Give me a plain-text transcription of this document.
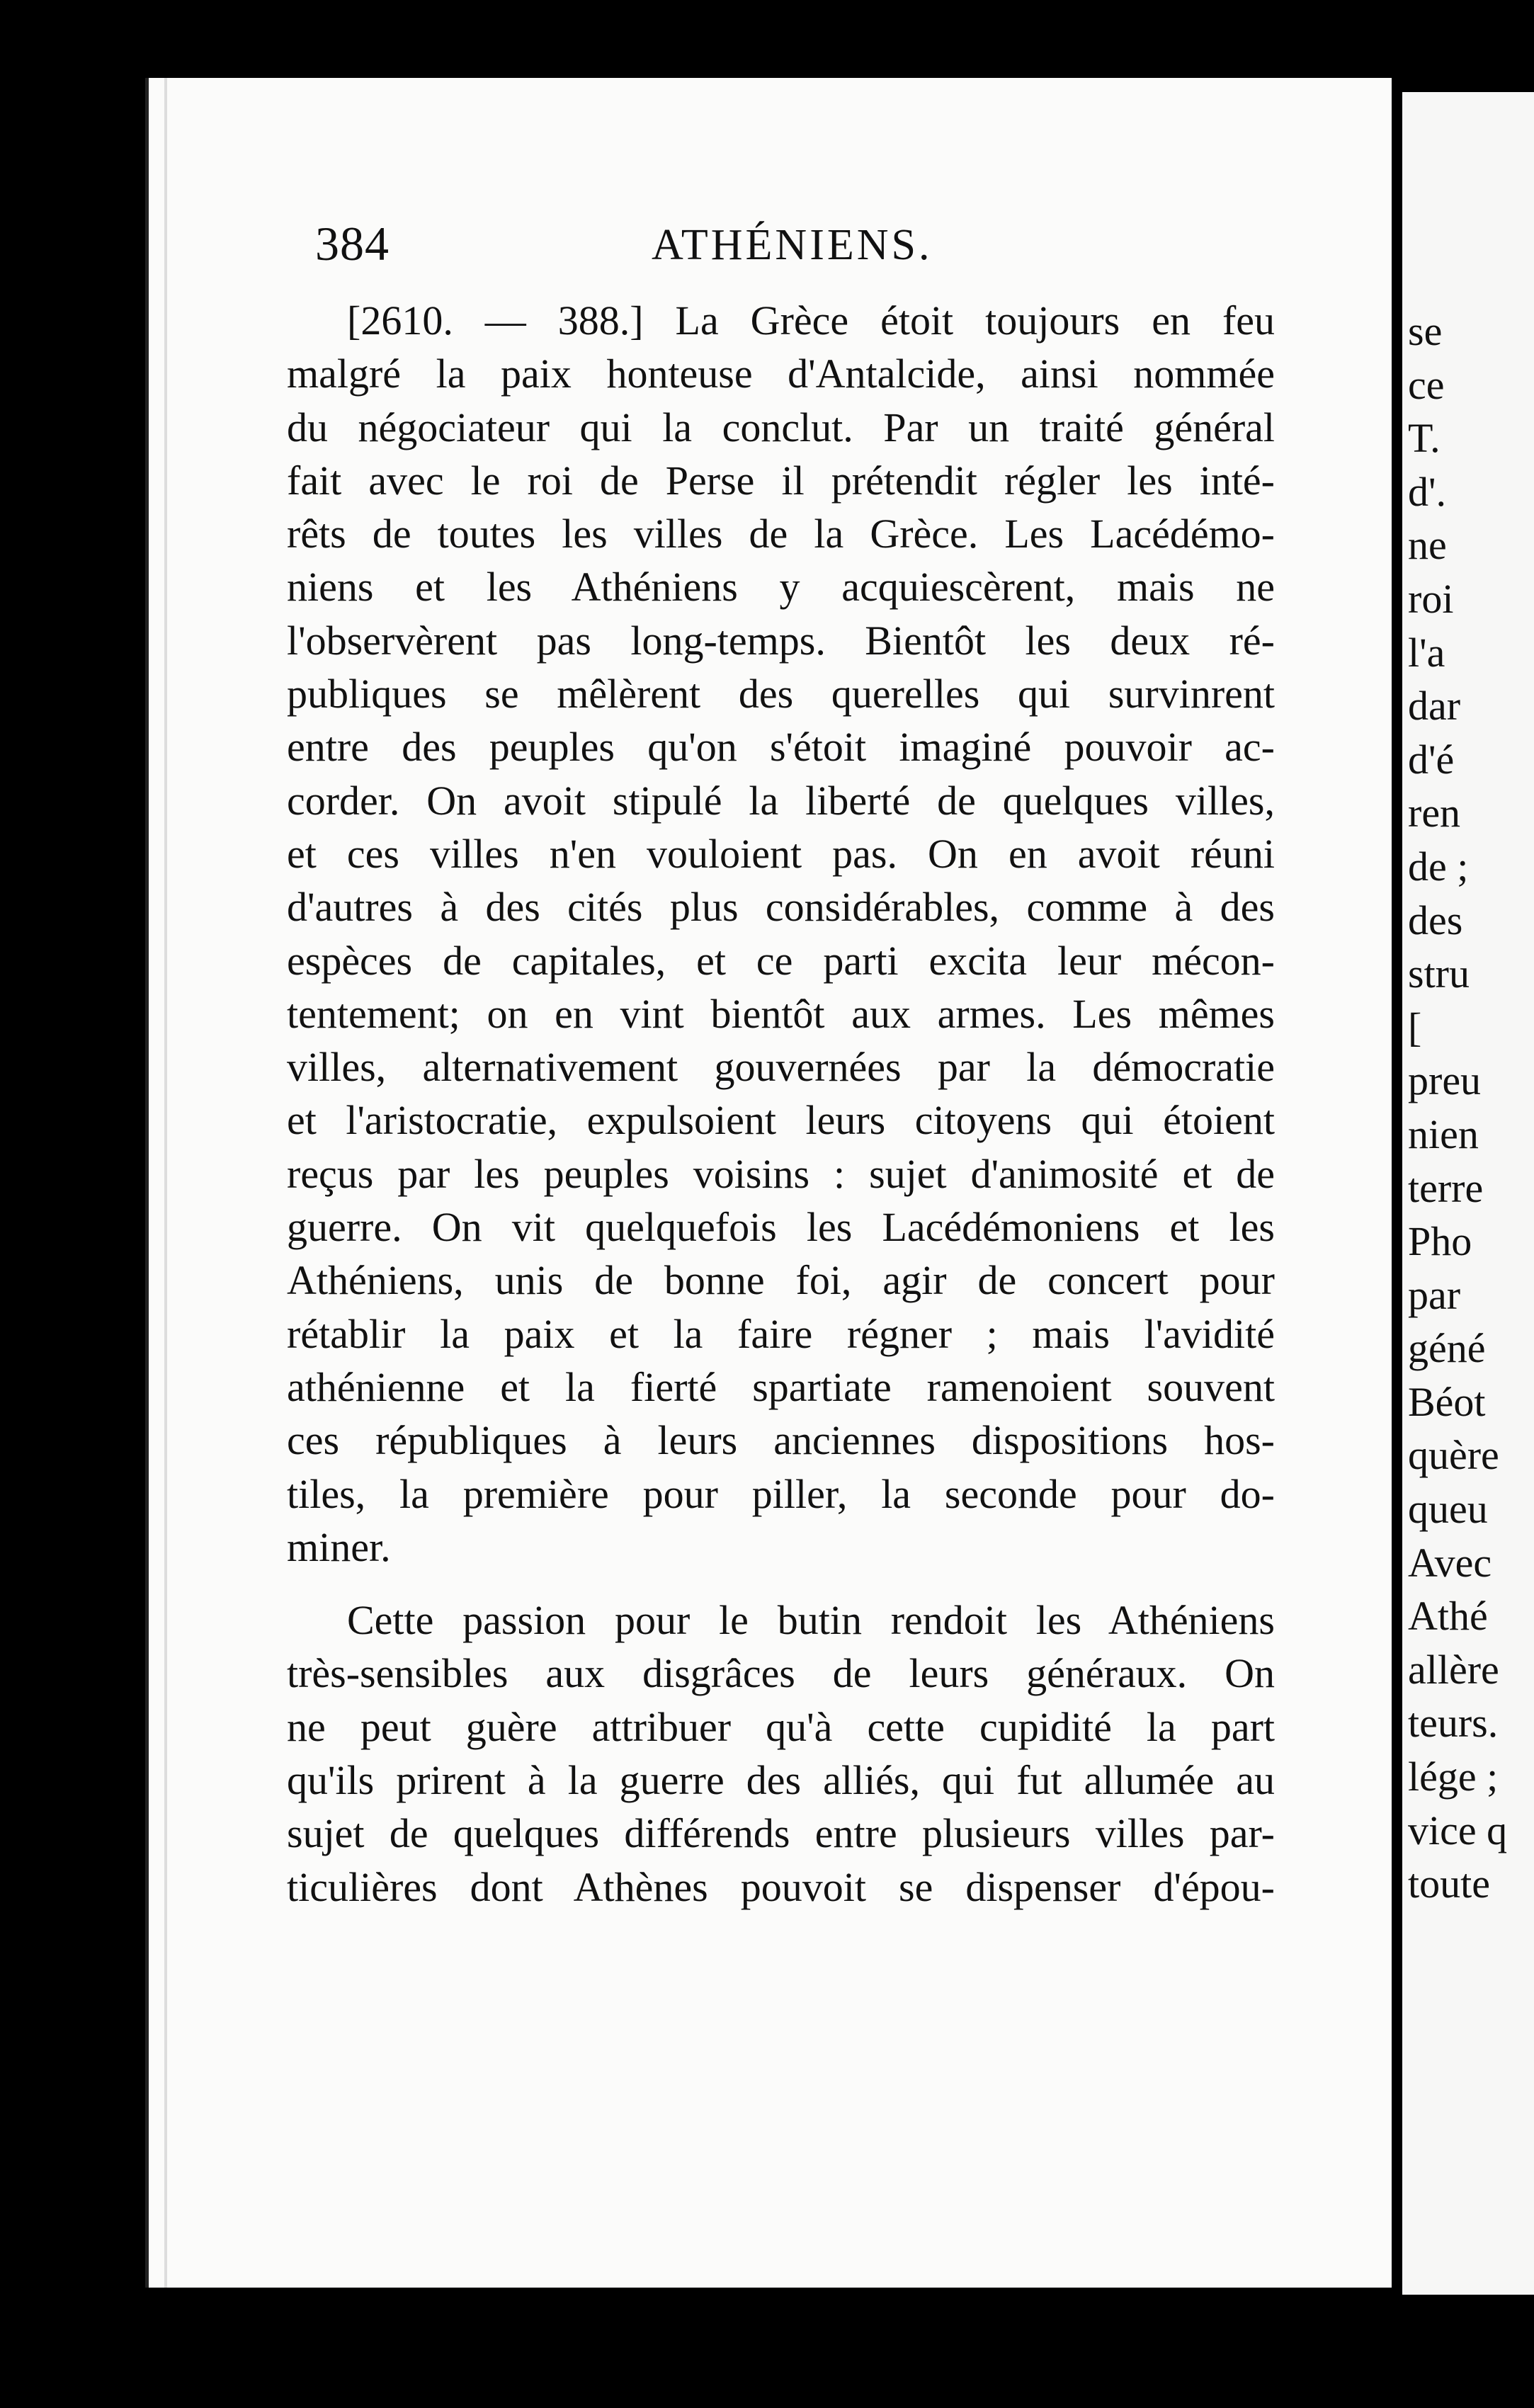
384	ATHÉNIENS.
[2610. — 388.] La Grèce étoit toujours en feu
malgré la paix honteuse d'Antalcide, ainsi nommée
du négociateur qui la conclut. Par un traité général
fait avec le roi de Perse il prétendit régler les inté-
rêts de toutes les villes de la Grèce. Les Lacédémo-
niens et les Athéniens y acquiescèrent, mais ne
l'observèrent pas long-temps. Bientôt les deux ré-
publiques se mêlèrent des querelles qui survinrent
entre des peuples qu'on s'étoit imaginé pouvoir ac-
corder. On avoit stipulé la liberté de quelques villes,
et ces villes n'en vouloient pas. On en avoit réuni
d'autres à des cités plus considérables, comme à des
espèces de capitales, et ce parti excita leur mécon-
tentement; on en vint bientôt aux armes. Les mêmes
villes, alternativement gouvernées par la démocratie
et l'aristocratie, expulsoient leurs citoyens qui étoient
reçus par les peuples voisins : sujet d'animosité et de
guerre. On vit quelquefois les Lacédémoniens et les
Athéniens, unis de bonne foi, agir de concert pour
rétablir la paix et la faire régner ; mais l'avidité
athénienne et la fierté spartiate ramenoient souvent
ces républiques à leurs anciennes dispositions hos-
tiles, la première pour piller, la seconde pour do-
miner.
Cette passion pour le butin rendoit les Athéniens
très-sensibles aux disgrâces de leurs généraux. On
ne peut guère attribuer qu'à cette cupidité la part
qu'ils prirent à la guerre des alliés, qui fut allumée au
sujet de quelques différends entre plusieurs villes par-
ticulières dont Athènes pouvoit se dispenser d'épou-
se
ce
T.
d'.
ne
roi
l'a
dar
d'é
ren
de ;
des
stru
[
preu
nien
terre
Pho
par
géné
Béot
quère
queu
Avec
Athé
allère
teurs.
lége ;
vice q
toute
